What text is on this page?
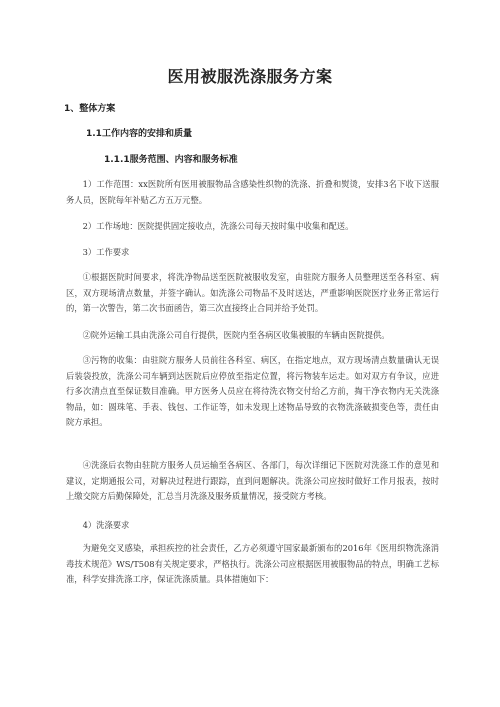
医用被服洗涤服务方案
1、整体方案
1.1工作内容的安排和质量
1.1.1服务范围、内容和服务标准
1）工作范围：xx医院所有医用被服物品含感染性织物的洗涤、折叠和熨烫，安排3名下收下送服务人员，医院每年补贴乙方五万元整。
2）工作场地：医院提供固定接收点，洗涤公司每天按时集中收集和配送。
3）工作要求
①根据医院时间要求，将洗净物品送至医院被服收发室，由驻院方服务人员整理送至各科室、病区，双方现场清点数量，并签字确认。如洗涤公司物品不及时送达，严重影响医院医疗业务正常运行的，第一次警告，第二次书面函告，第三次直接终止合同并给予处罚。
②院外运输工具由洗涤公司自行提供，医院内至各病区收集被服的车辆由医院提供。
③污物的收集：由驻院方服务人员前往各科室、病区，在指定地点，双方现场清点数量确认无误后装袋投放，洗涤公司车辆到达医院后应停放至指定位置，将污物装车运走。如对双方有争议，应进行多次清点直至保证数目准确。甲方医务人员应在将待洗衣物交付给乙方前，掏干净衣物内无关洗涤物品，如：圆珠笔、手表、钱包、工作证等，如未发现上述物品导致的衣物洗涤破损变色等，责任由院方承担。
④洗涤后衣物由驻院方服务人员运输至各病区、各部门，每次详细记下医院对洗涤工作的意见和建议，定期通报公司，对解决过程进行跟踪，直到问题解决。洗涤公司应按时做好工作月报表，按时上缴交院方后勤保障处，汇总当月洗涤及服务质量情况，接受院方考核。
4）洗涤要求
为避免交叉感染，承担疾控的社会责任，乙方必须遵守国家最新颁布的2016年《医用织物洗涤消毒技术规范》WS/T508有关规定要求，严格执行。洗涤公司应根据医用被服物品的特点，明确工艺标准，科学安排洗涤工序，保证洗涤质量。具体措施如下：
